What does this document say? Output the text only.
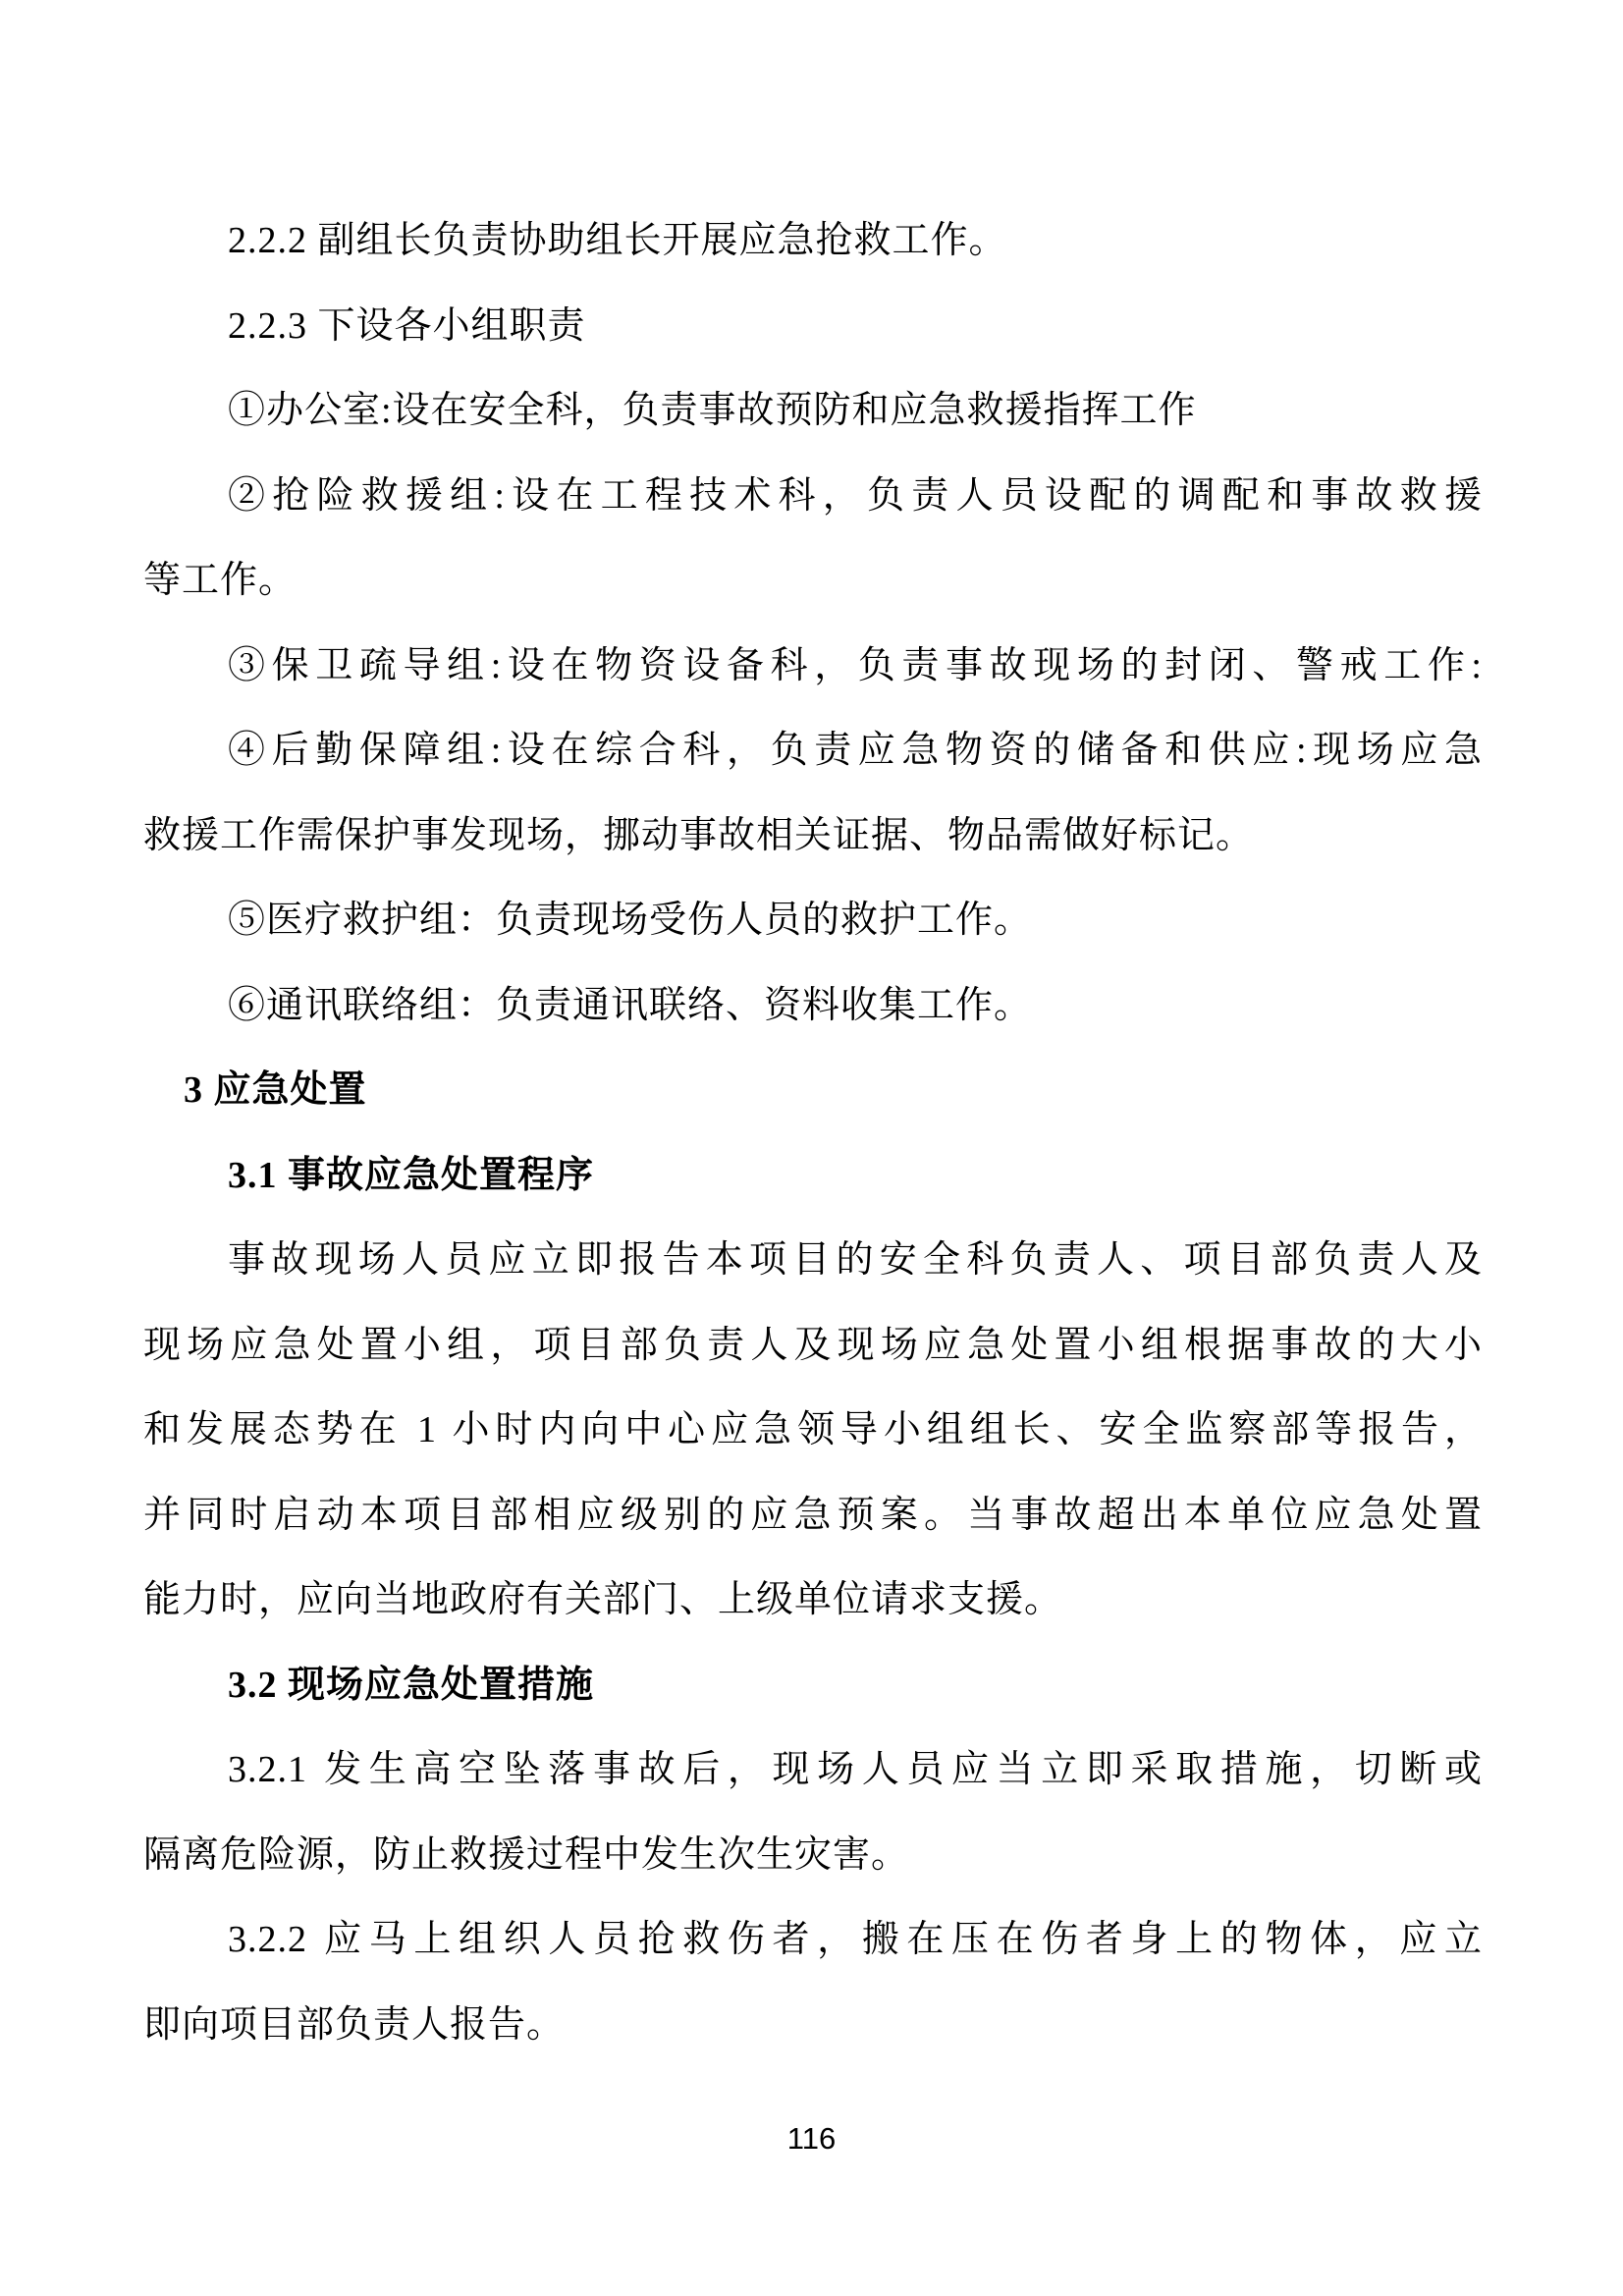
2.2.2 副组长负责协助组长开展应急抢救工作。
2.2.3 下设各小组职责
①办公室:设在安全科，负责事故预防和应急救援指挥工作
②抢险救援组:设在工程技术科，负责人员设配的调配和事故救援
等工作。
③保卫疏导组:设在物资设备科，负责事故现场的封闭、警戒工作:
④后勤保障组:设在综合科，负责应急物资的储备和供应:现场应急
救援工作需保护事发现场，挪动事故相关证据、物品需做好标记。
⑤医疗救护组：负责现场受伤人员的救护工作。
⑥通讯联络组：负责通讯联络、资料收集工作。
3 应急处置
3.1 事故应急处置程序
事故现场人员应立即报告本项目的安全科负责人、项目部负责人及
现场应急处置小组，项目部负责人及现场应急处置小组根据事故的大小
和发展态势在 1 小时内向中心应急领导小组组长、安全监察部等报告，
并同时启动本项目部相应级别的应急预案。当事故超出本单位应急处置
能力时，应向当地政府有关部门、上级单位请求支援。
3.2 现场应急处置措施
3.2.1 发生高空坠落事故后，现场人员应当立即采取措施，切断或
隔离危险源，防止救援过程中发生次生灾害。
3.2.2 应马上组织人员抢救伤者，搬在压在伤者身上的物体，应立
即向项目部负责人报告。
116
